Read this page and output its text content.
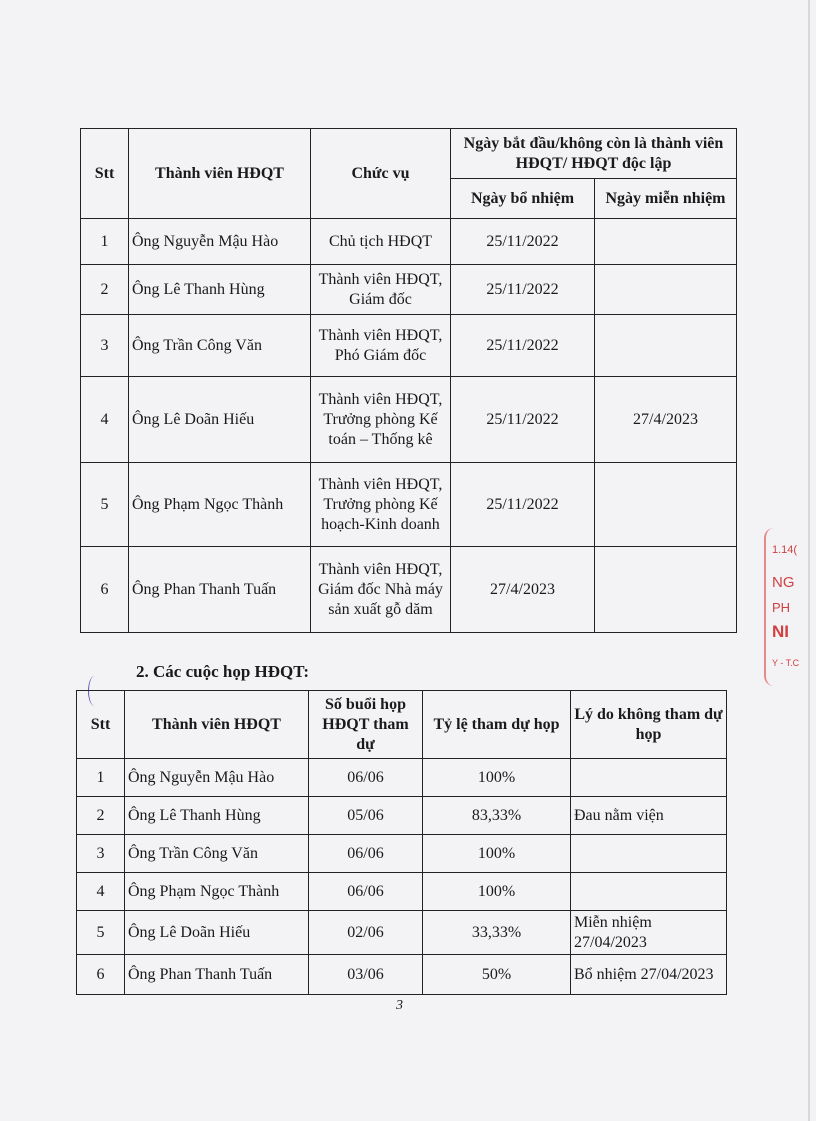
Stt	Thành viên HĐQT	Chức vụ	Ngày bắt đầu/không còn là thành viên HĐQT/ HĐQT độc lập	
			Ngày bổ nhiệm	Ngày miễn nhiệm
1	Ông Nguyễn Mậu Hào	Chủ tịch HĐQT	25/11/2022	
2	Ông Lê Thanh Hùng	Thành viên HĐQT, Giám đốc	25/11/2022	
3	Ông Trần Công Văn	Thành viên HĐQT, Phó Giám đốc	25/11/2022	
4	Ông Lê Doãn Hiếu	Thành viên HĐQT, Trưởng phòng Kế toán – Thống kê	25/11/2022	27/4/2023
5	Ông Phạm Ngọc Thành	Thành viên HĐQT, Trưởng phòng Kế hoạch-Kinh doanh	25/11/2022	
6	Ông Phan Thanh Tuấn	Thành viên HĐQT, Giám đốc Nhà máy sản xuất gỗ dăm	27/4/2023	
2. Các cuộc họp HĐQT:
Stt	Thành viên HĐQT	Số buổi họp HĐQT tham dự	Tỷ lệ tham dự họp	Lý do không tham dự họp
1	Ông Nguyễn Mậu Hào	06/06	100%	
2	Ông Lê Thanh Hùng	05/06	83,33%	Đau nằm viện
3	Ông Trần Công Văn	06/06	100%	
4	Ông Phạm Ngọc Thành	06/06	100%	
5	Ông Lê Doãn Hiếu	02/06	33,33%	Miễn nhiệm 27/04/2023
6	Ông Phan Thanh Tuấn	03/06	50%	Bổ nhiệm 27/04/2023
3
1.14(
NG
PH
NI
Y - T.C
